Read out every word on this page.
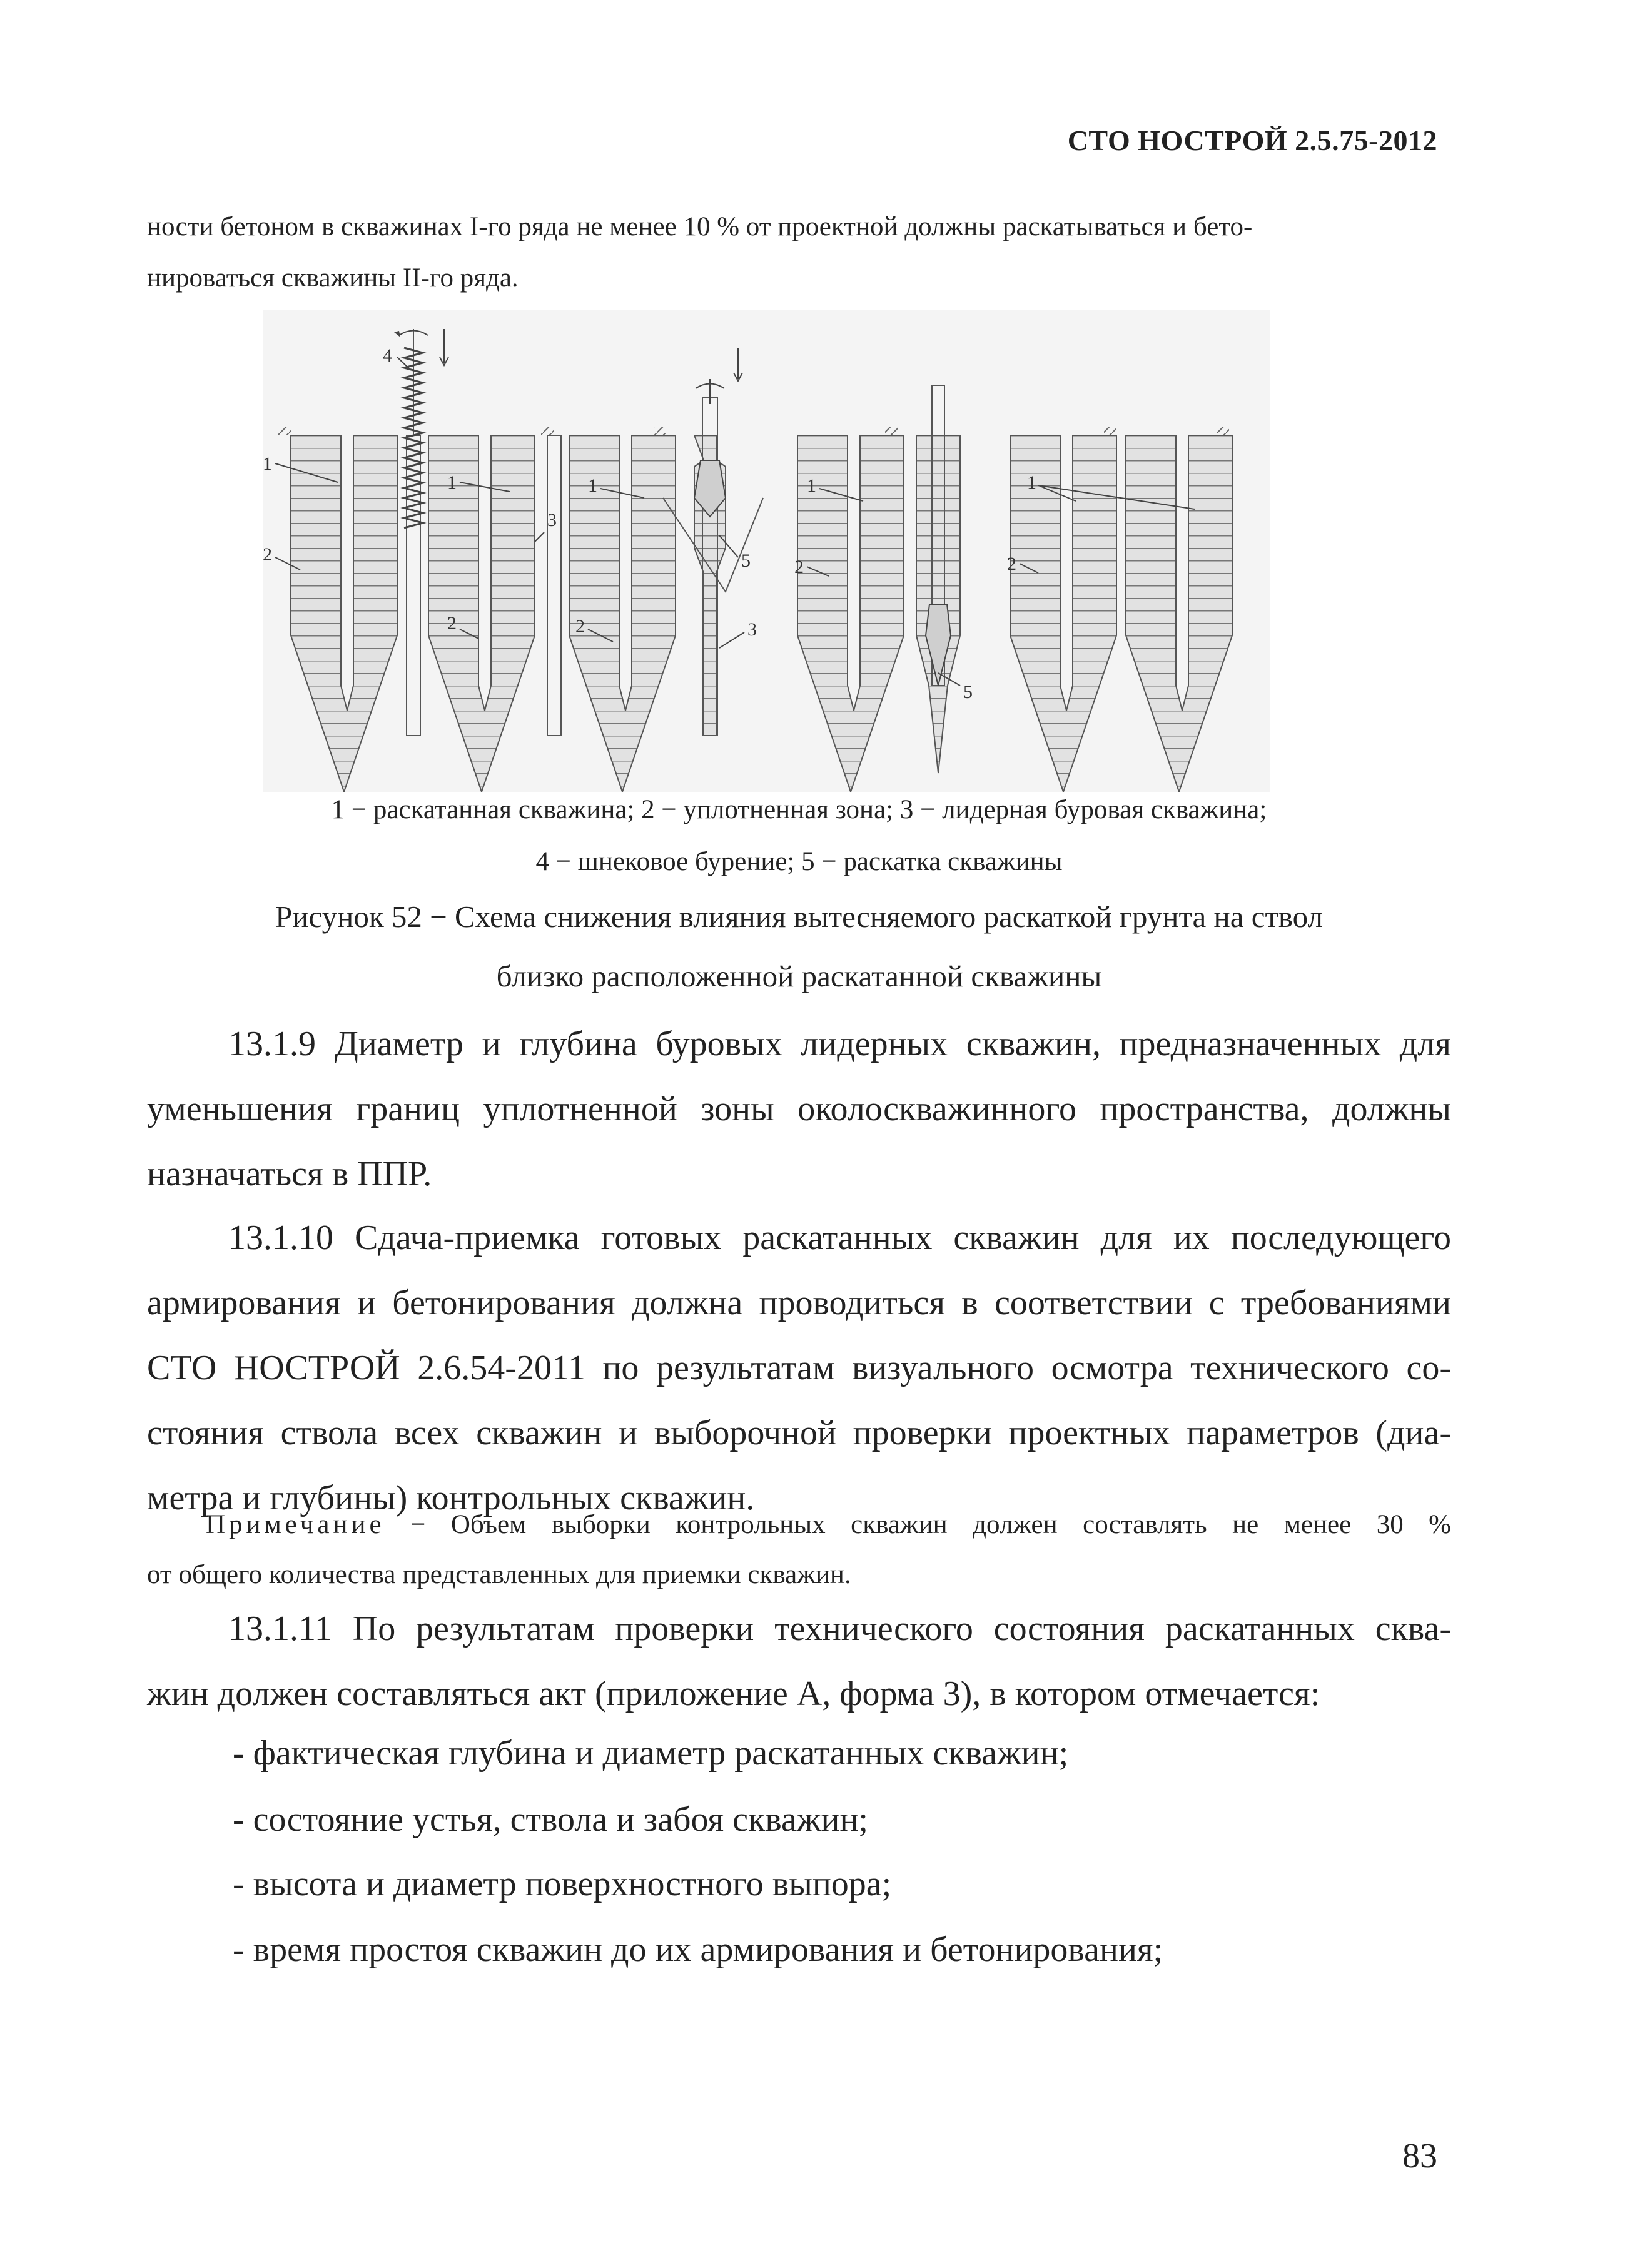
СТО НОСТРОЙ 2.5.75-2012
ности бетоном в скважинах I-го ряда не менее 10 % от проектной должны раскатываться и бето-
нироваться скважины II-го ряда.
1
2
4
1
3
2
1
5
2	3
1
2
5
1
2
1 − раскатанная скважина; 2 − уплотненная зона; 3 − лидерная буровая скважина;
4 − шнековое бурение; 5 − раскатка скважины
Рисунок 52 − Схема снижения влияния вытесняемого раскаткой грунта на ствол
близко расположенной раскатанной скважины
13.1.9 Диаметр и глубина буровых лидерных скважин, предназначенных для
уменьшения границ уплотненной зоны околоскважинного пространства, должны
назначаться в ППР.
13.1.10 Сдача-приемка готовых раскатанных скважин для их последующего
армирования и бетонирования должна проводиться в соответствии с требованиями
СТО НОСТРОЙ 2.6.54-2011 по результатам визуального осмотра технического со-
стояния ствола всех скважин и выборочной проверки проектных параметров (диа-
метра и глубины) контрольных скважин.
Примечание − Объем выборки контрольных скважин должен составлять не менее 30 %
от общего количества представленных для приемки скважин.
13.1.11 По результатам проверки технического состояния раскатанных сква-
жин должен составляться акт (приложение А, форма 3), в котором отмечается:
- фактическая глубина и диаметр раскатанных скважин;
- состояние устья, ствола и забоя скважин;
- высота и диаметр поверхностного выпора;
- время простоя скважин до их армирования и бетонирования;
83
